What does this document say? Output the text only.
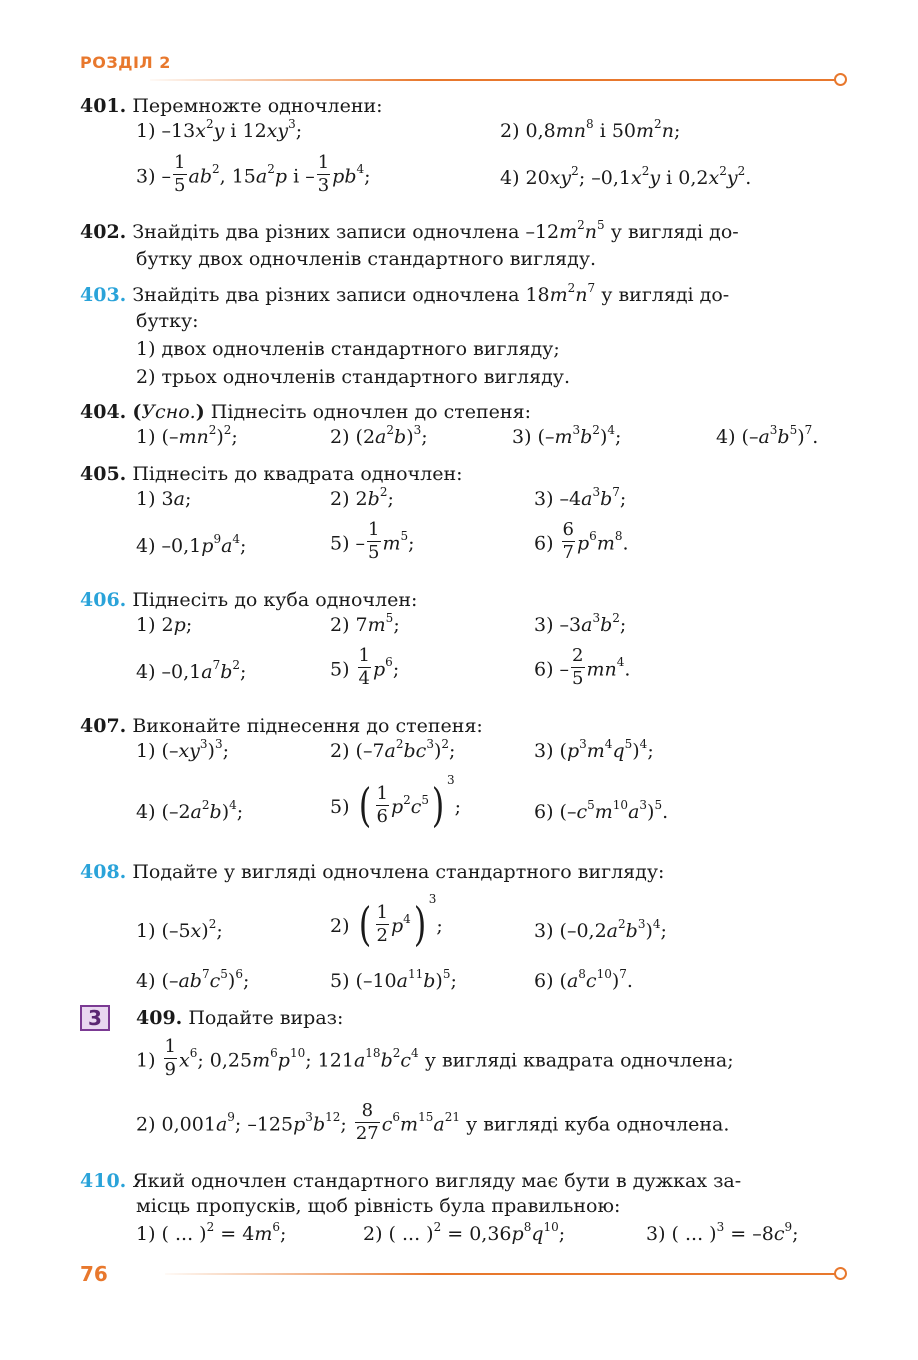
РОЗДІЛ 2
401. Перемножте одночлени:
1) $-13x^2y$ і $12xy^3$;	2) $0,8mn^8$ і $50m^2n$;
$3) - \frac{1}{5} ab^2$, $15a^2p$ і – $\frac{1}{3} pb^4$;	4) $20xy^2$; $-0,1x^2y$ і $0,2x^2y^2$.
402. Знайдіть два різних записи одночлена $-12m^2n^5$ у вигляді до-
бутку двох одночленів стандартного вигляду.
403. Знайдіть два різних записи одночлена $18m^2n^7$ у вигляді до-
бутку:
1) двох одночленів стандартного вигляду;
2) трьох одночленів стандартного вигляду.
404. (Усно.) Піднесіть одночлен до степеня:
1) $(-mn^2)^2$;	2) $(2a^2b)^3$;	3) $(-m^3b^2)^4$;	4) $(-a^3b^5)^7$.
405. Піднесіть до квадрата одночлен:
1) 3a;	2) $2b^2$;	3) $-4a^3b^7$;
4) $-0,1p^9a^4$;	$5) - \frac{1}{5} m^5$;	$6) \frac{6}{7} p^6m^8$.
406. Піднесіть до куба одночлен:
1) 2p;	2) $7m^5$;	3) $-3a^3b^2$;
4) $-0,1a^7b^2$;	$5) \frac{1}{4} p^6$;	$6) - \frac{2}{5} mn^4$.
407. Виконайте піднесення до степеня:
1) $(-xy^3)^3$;	2) $(-7a^2bc^3)^2$;	3) $(p^3m^4q^5)^4$;
4) $(-2a^2b)^4$;	5) ( $\frac{1}{6} p^2c^5$) $^3$;	6) $(-c^5m^{10}a^3)^5$.
408. Подайте у вигляді одночлена стандартного вигляду:
1) $(-5x)^2$;	2) ( $\frac{1}{2} p^4$) $^3$;	3) $(-0,2a^2b^3)^4$;
4) $(-ab^7c^5)^6$;	5) $(-10a^{11}b)^5$;	6) $(a^8c^{10})^7$.
3	409. Подайте вираз:
$1) \frac{1}{9} x^6$; $0,25m^6p^{10}$; $121a^{18}b^2c^4$ у вигляді квадрата одночлена;
2) $0,001a^9$; $-125p^3b^{12}$; $\frac{8}{27} c^6m^{15}a^{21}$ у вигляді куба одночлена.
410. Який одночлен стандартного вигляду має бути в дужках за-
місць пропусків, щоб рівність була правильною:
1) ( ... )$^2 = 4m^6$;	2) ( ... )$^2 = 0,36p^8q^{10}$;	3) ( ... )$^3 = -8c^9$;
76
